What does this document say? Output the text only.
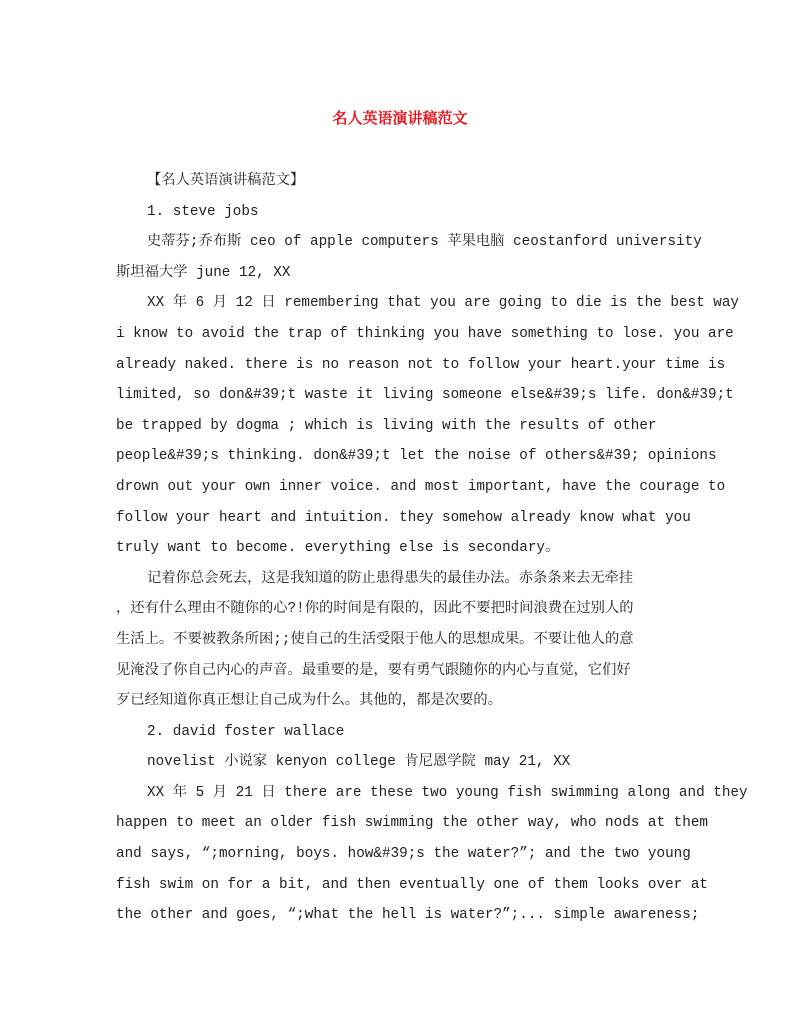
名人英语演讲稿范文
【名人英语演讲稿范文】
1. steve jobs
史蒂芬;乔布斯 ceo of apple computers 苹果电脑 ceostanford university
斯坦福大学 june 12, XX
XX 年 6 月 12 日 remembering that you are going to die is the best way
i know to avoid the trap of thinking you have something to lose. you are
already naked. there is no reason not to follow your heart.your time is
limited, so don&#39;t waste it living someone else&#39;s life. don&#39;t
be trapped by dogma ; which is living with the results of other
people&#39;s thinking. don&#39;t let the noise of others&#39; opinions
drown out your own inner voice. and most important, have the courage to
follow your heart and intuition. they somehow already know what you
truly want to become. everything else is secondary。
记着你总会死去，这是我知道的防止患得患失的最佳办法。赤条条来去无牵挂
，还有什么理由不随你的心?!你的时间是有限的，因此不要把时间浪费在过别人的
生活上。不要被教条所困;;使自己的生活受限于他人的思想成果。不要让他人的意
见淹没了你自己内心的声音。最重要的是，要有勇气跟随你的内心与直觉，它们好
歹已经知道你真正想让自己成为什么。其他的，都是次要的。
2. david foster wallace
novelist 小说家 kenyon college 肯尼恩学院 may 21, XX
XX 年 5 月 21 日 there are these two young fish swimming along and they
happen to meet an older fish swimming the other way, who nods at them
and says, “;morning, boys. how&#39;s the water?”; and the two young
fish swim on for a bit, and then eventually one of them looks over at
the other and goes, “;what the hell is water?”;... simple awareness;
